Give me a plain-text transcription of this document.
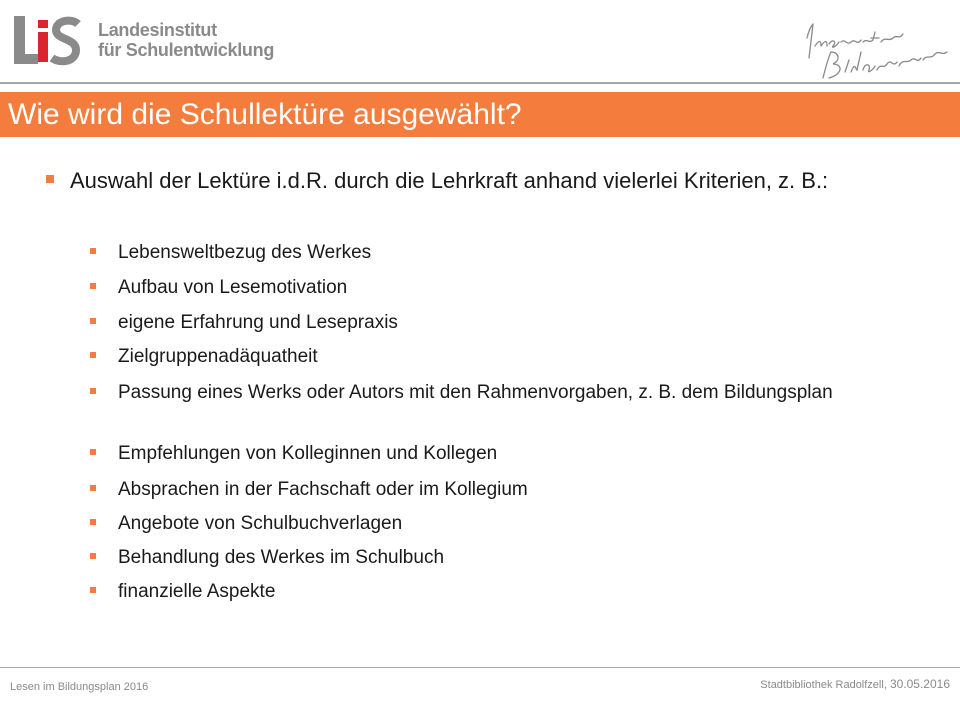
Landesinstitut
für Schulentwicklung
Wie wird die Schullektüre ausgewählt?
Auswahl der Lektüre i.d.R. durch die Lehrkraft anhand vielerlei Kriterien, z. B.:
Lebensweltbezug des Werkes
Aufbau von Lesemotivation
eigene Erfahrung und Lesepraxis
Zielgruppenadäquatheit
Passung eines Werks oder Autors mit den Rahmenvorgaben, z. B. dem Bildungsplan
Empfehlungen von Kolleginnen und Kollegen
Absprachen in der Fachschaft oder im Kollegium
Angebote von Schulbuchverlagen
Behandlung des Werkes im Schulbuch
finanzielle Aspekte
Lesen im Bildungsplan 2016	Stadtbibliothek Radolfzell, 30.05.2016
